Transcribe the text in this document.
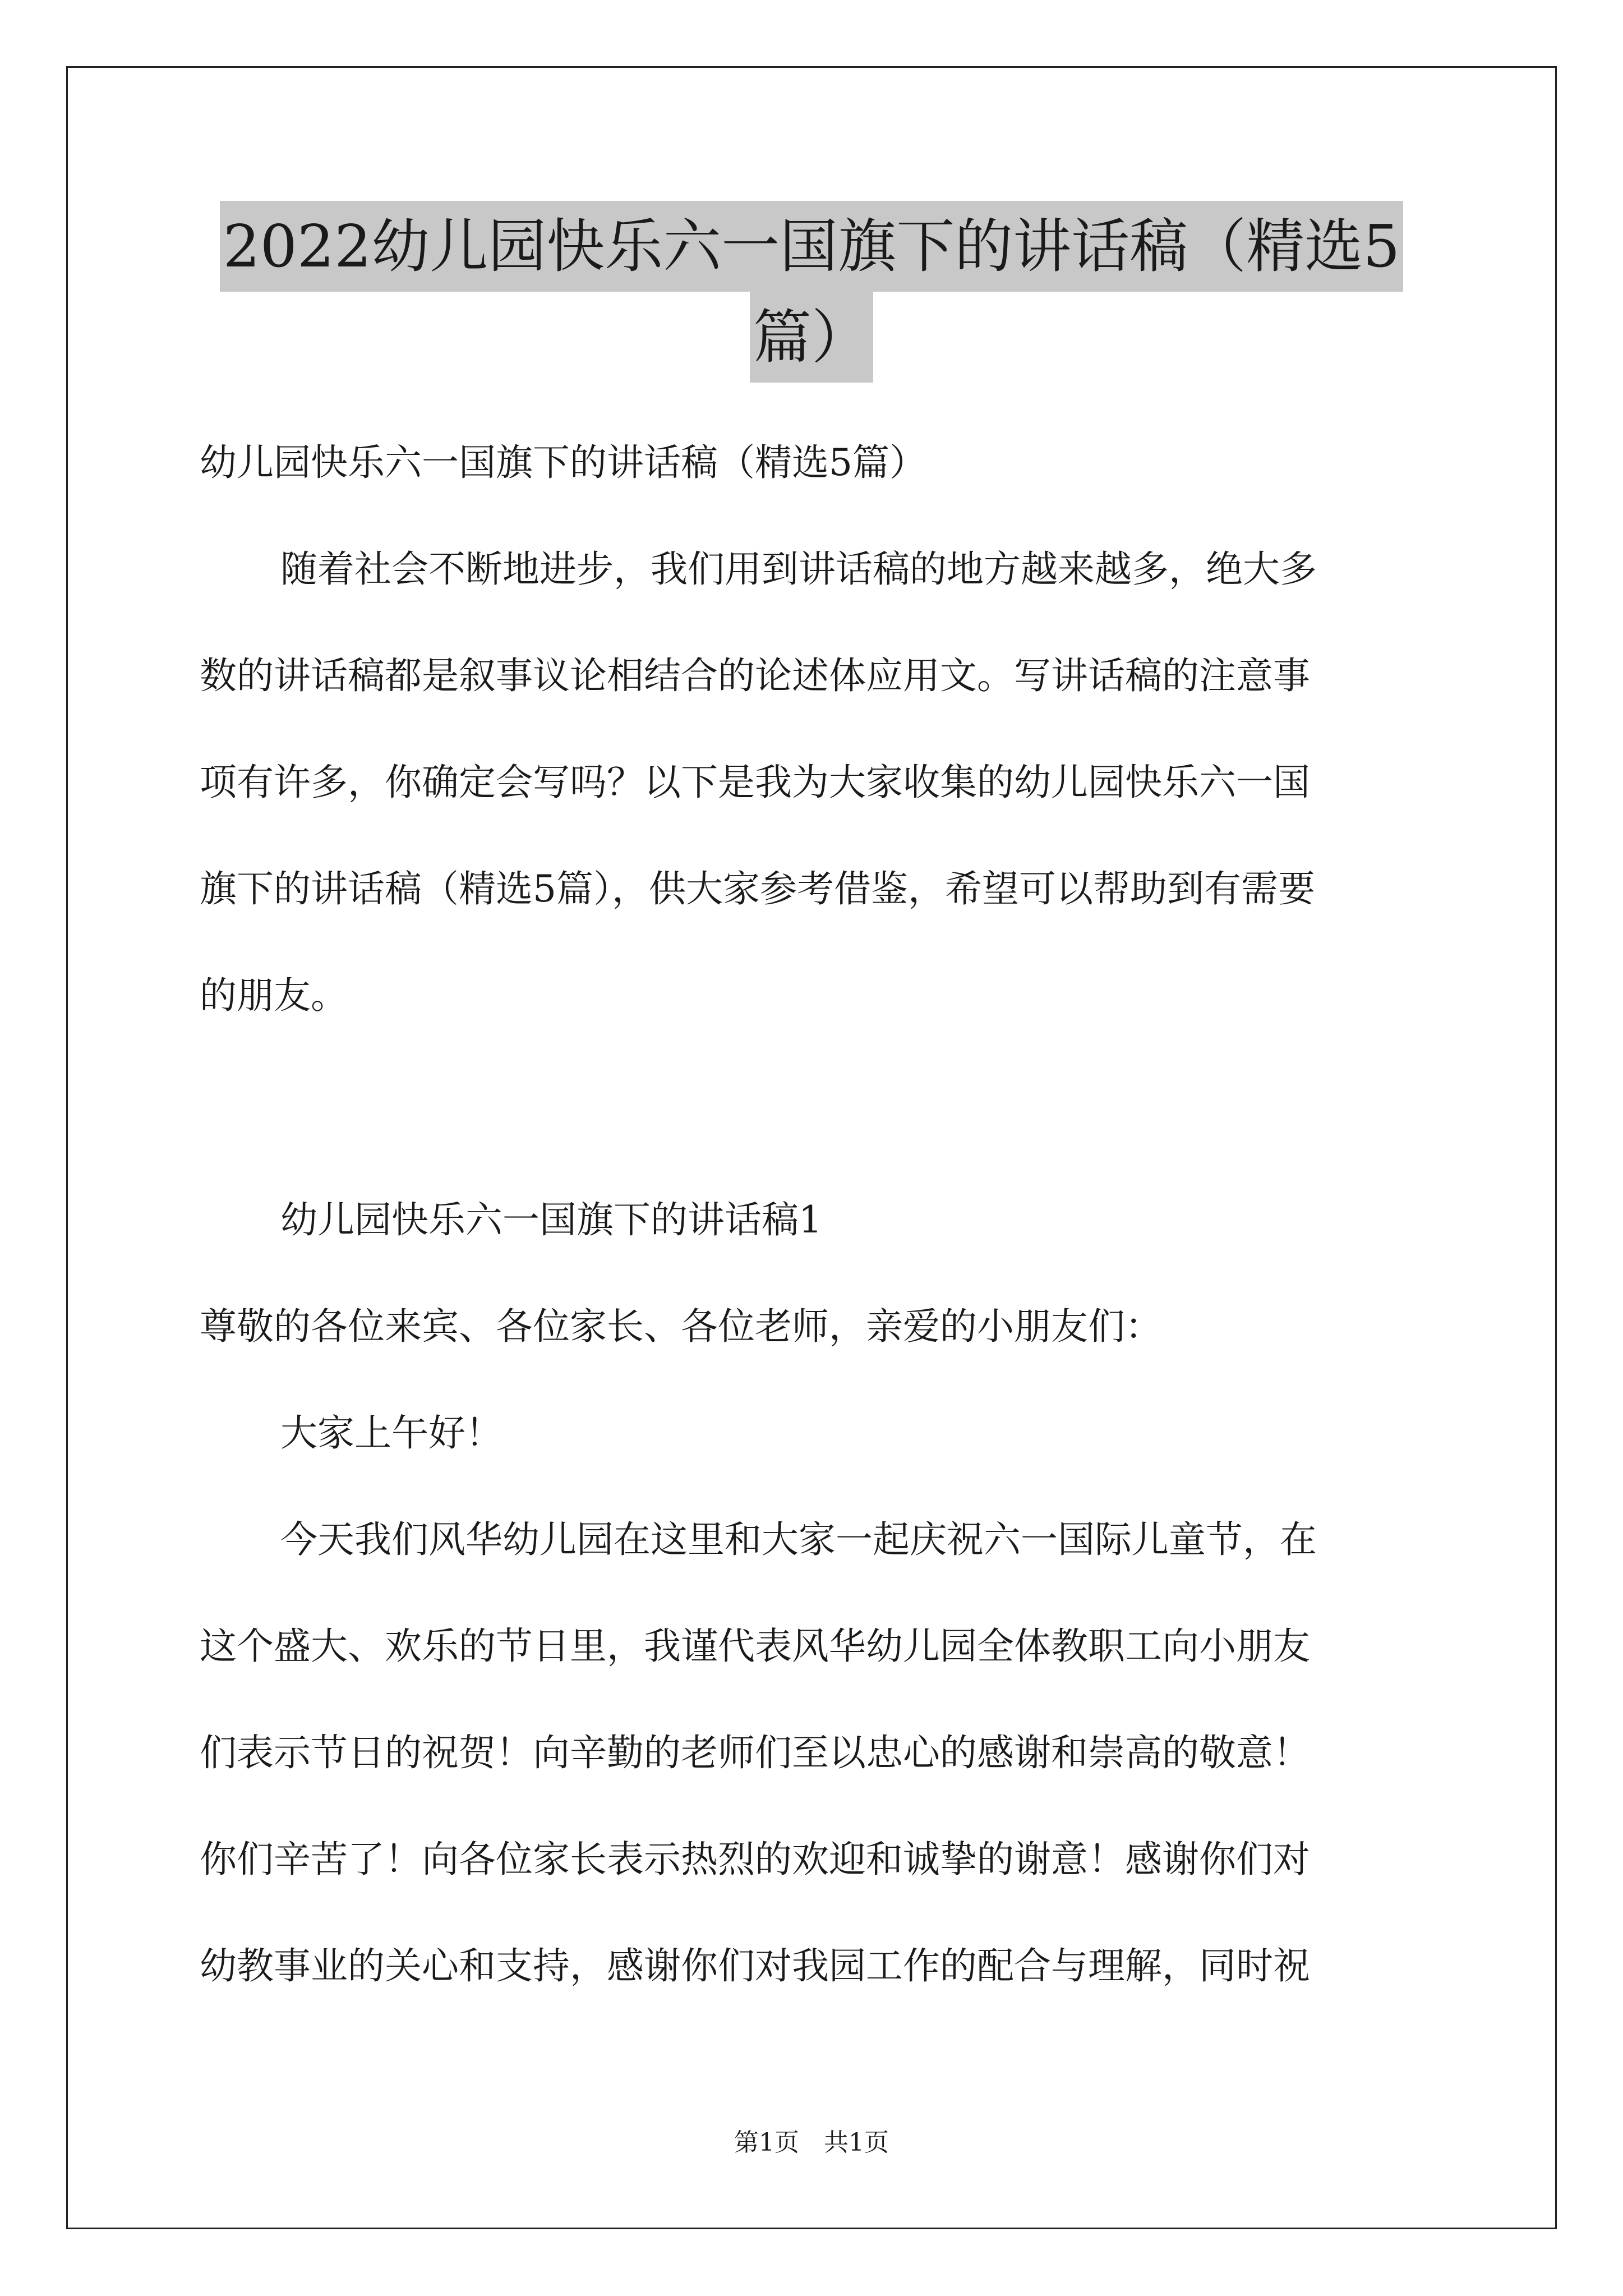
2022幼儿园快乐六一国旗下的讲话稿（精选5
篇）
幼儿园快乐六一国旗下的讲话稿（精选5篇）
随着社会不断地进步，我们用到讲话稿的地方越来越多，绝大多
数的讲话稿都是叙事议论相结合的论述体应用文。写讲话稿的注意事
项有许多，你确定会写吗？以下是我为大家收集的幼儿园快乐六一国
旗下的讲话稿（精选5篇），供大家参考借鉴，希望可以帮助到有需要
的朋友。
幼儿园快乐六一国旗下的讲话稿1
尊敬的各位来宾、各位家长、各位老师，亲爱的小朋友们：
大家上午好！
今天我们风华幼儿园在这里和大家一起庆祝六一国际儿童节，在
这个盛大、欢乐的节日里，我谨代表风华幼儿园全体教职工向小朋友
们表示节日的祝贺！向辛勤的老师们至以忠心的感谢和崇高的敬意！
你们辛苦了！向各位家长表示热烈的欢迎和诚挚的谢意！感谢你们对
幼教事业的关心和支持，感谢你们对我园工作的配合与理解，同时祝
第1页　共1页
